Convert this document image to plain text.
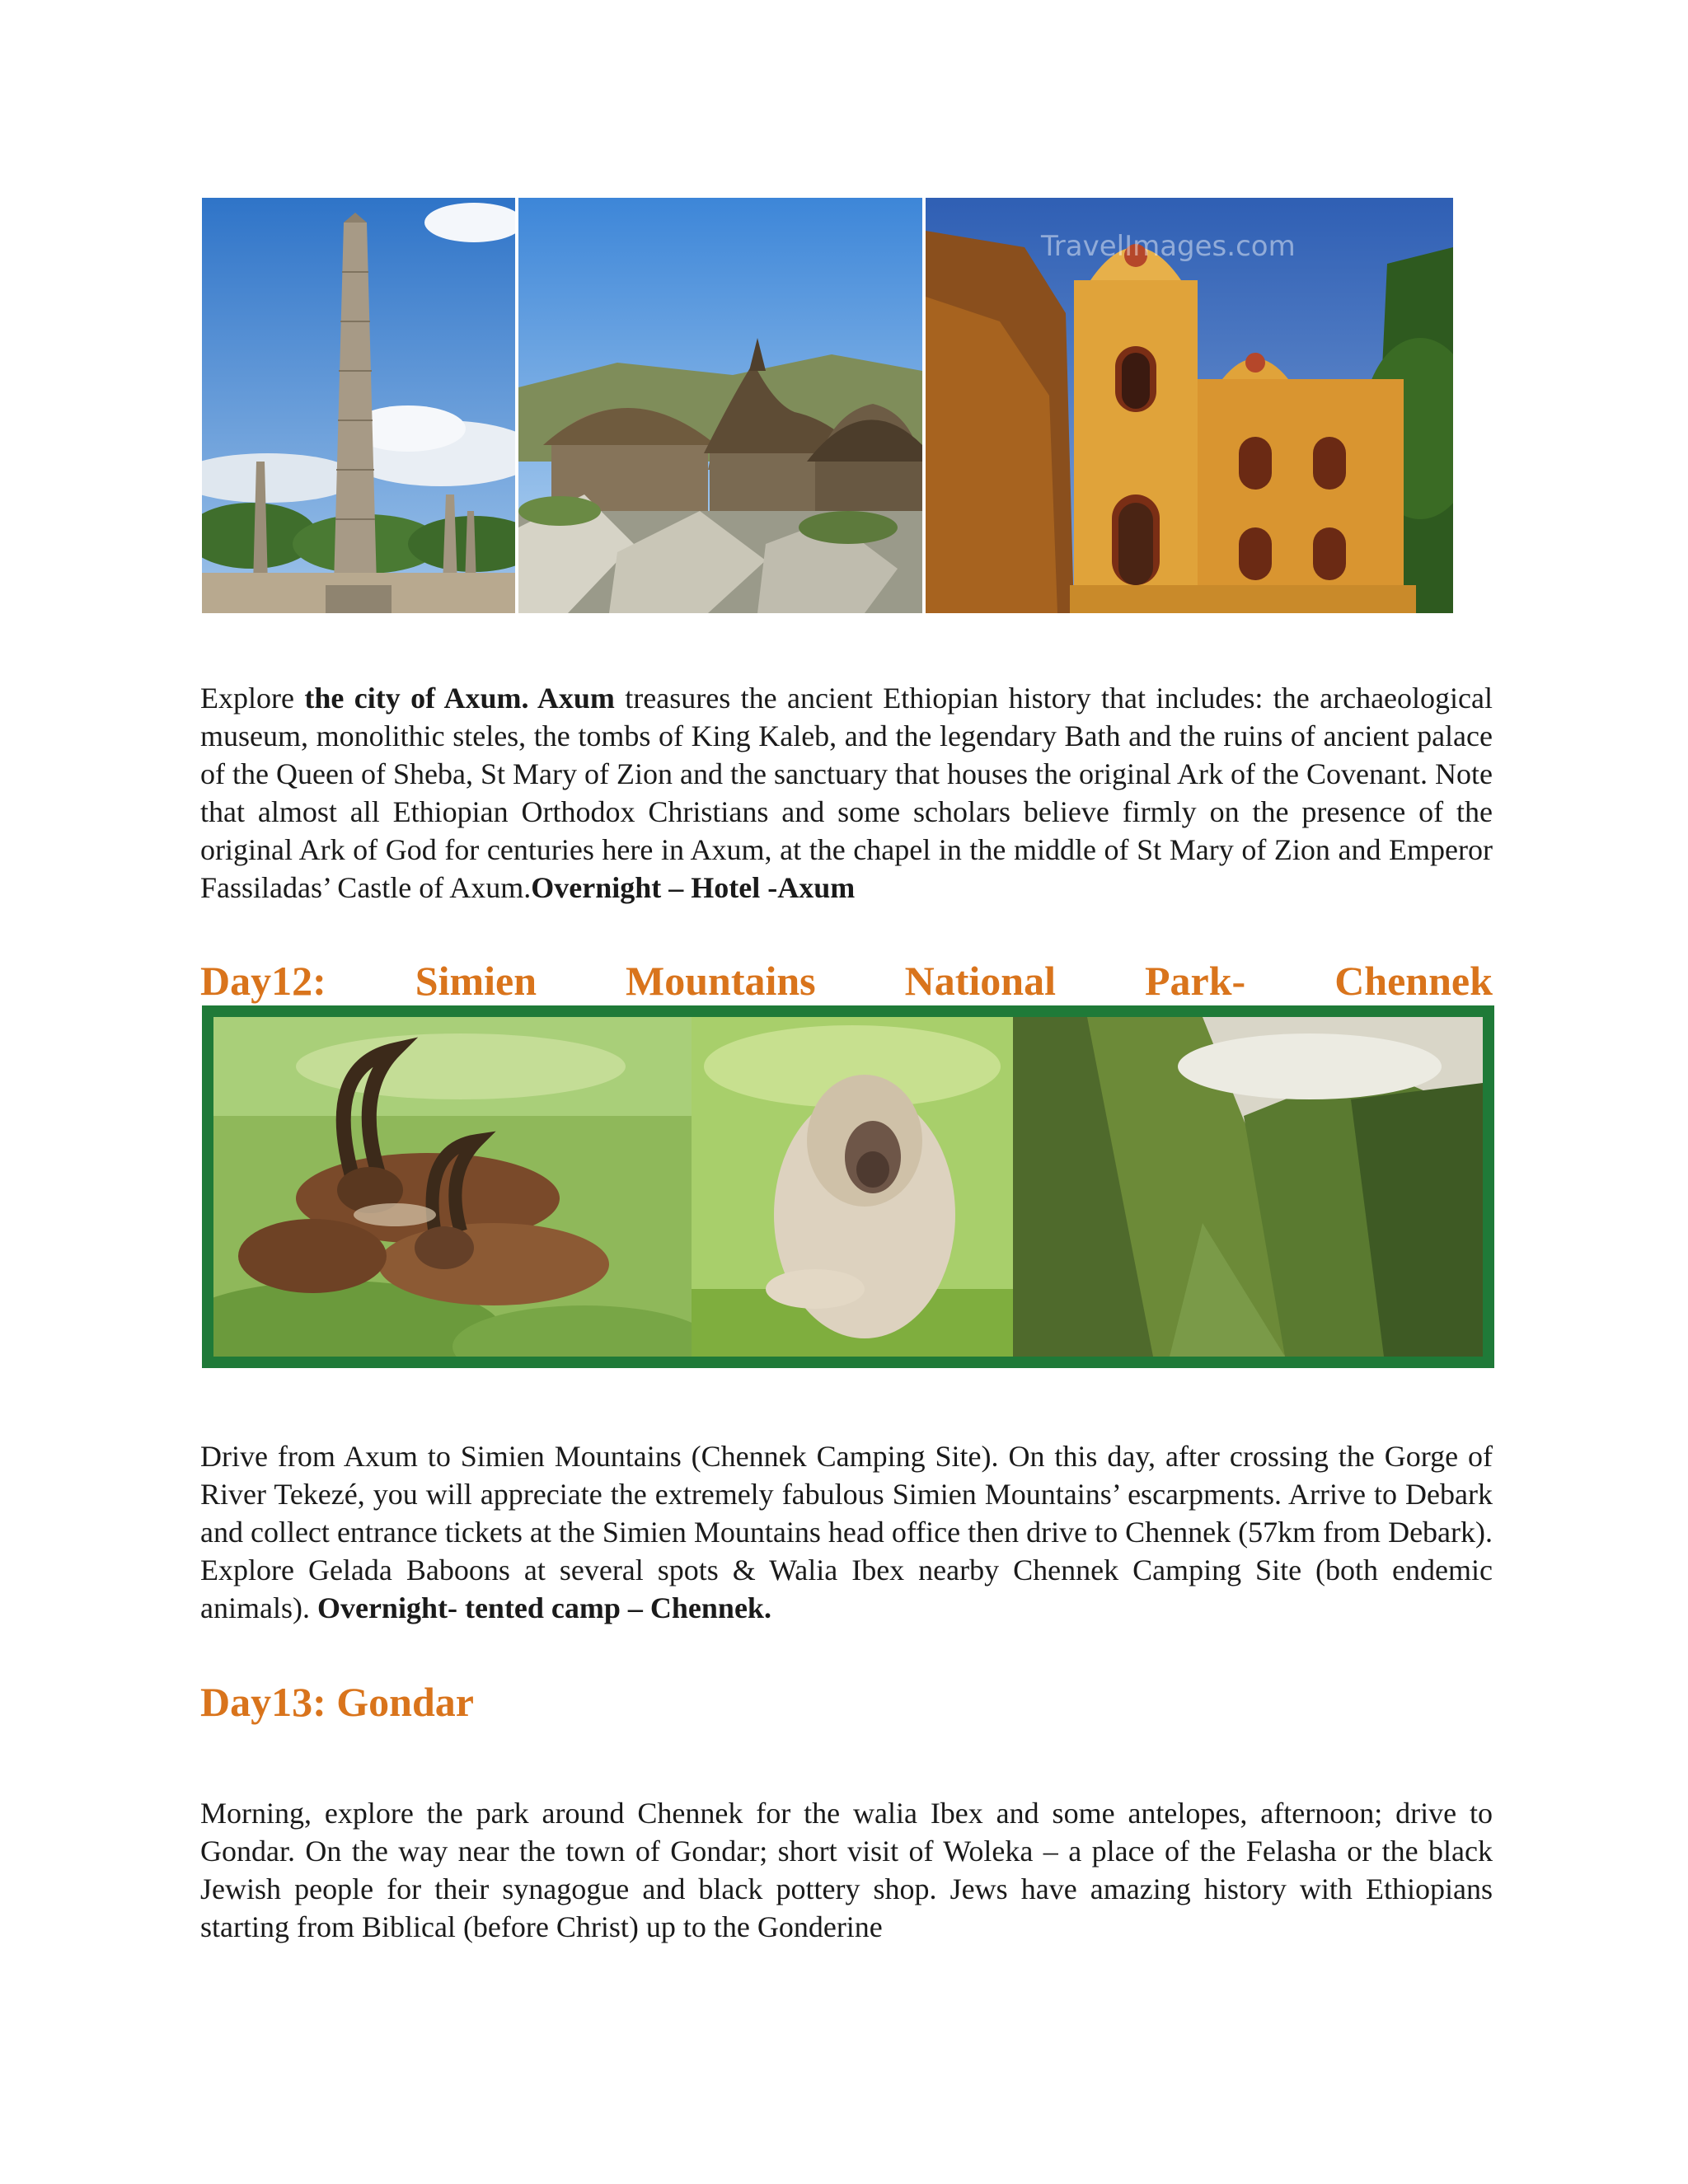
TravelImages.com

Explore the city of Axum. Axum treasures the ancient Ethiopian history that includes: the archaeological museum, monolithic steles, the tombs of King Kaleb, and the legendary Bath and the ruins of ancient palace of the Queen of Sheba, St Mary of Zion and the sanctuary that houses the original Ark of the Covenant. Note that almost all Ethiopian Orthodox Christians and some scholars believe firmly on the presence of the original Ark of God for centuries here in Axum, at the chapel in the middle of St Mary of Zion and Emperor Fassiladas’ Castle of Axum.Overnight – Hotel -Axum

Day12: Simien Mountains National Park- Chennek

Drive from Axum to Simien Mountains (Chennek Camping Site). On this day, after crossing the Gorge of River Tekezé, you will appreciate the extremely fabulous Simien Mountains’ escarpments. Arrive to Debark and collect entrance tickets at the Simien Mountains head office then drive to Chennek (57km from Debark). Explore Gelada Baboons at several spots & Walia Ibex nearby Chennek Camping Site (both endemic animals). Overnight- tented camp – Chennek.

Day13: Gondar

Morning, explore the park around Chennek for the walia Ibex and some antelopes, afternoon; drive to Gondar. On the way near the town of Gondar; short visit of Woleka – a place of the Felasha or the black Jewish people for their synagogue and black pottery shop. Jews have amazing history with Ethiopians starting from Biblical (before Christ) up to the Gonderine
